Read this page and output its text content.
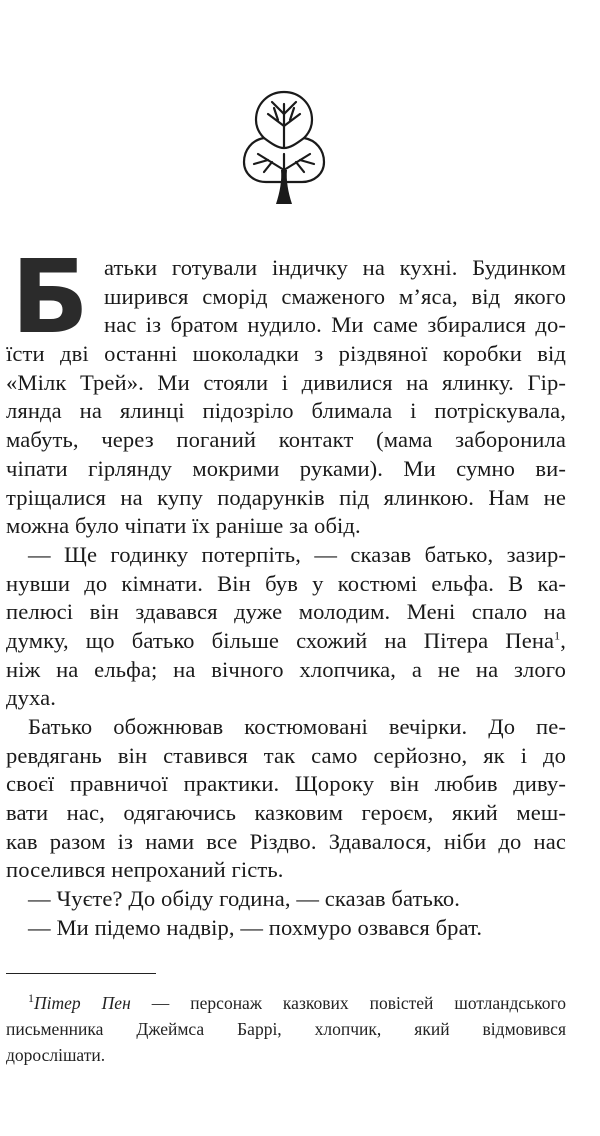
Б атьки готували індичку на кухні. Будинком
ширився сморід смаженого м’яса, від якого
нас із братом нудило. Ми саме збиралися до-
їсти дві останні шоколадки з різдвяної коробки від
«Мілк Трей». Ми стояли і дивилися на ялинку. Гір-
лянда на ялинці підозріло блимала і потріскувала,
мабуть, через поганий контакт (мама заборонила
чіпати гірлянду мокрими руками). Ми сумно ви-
тріщалися на купу подарунків під ялинкою. Нам не
можна було чіпати їх раніше за обід.
— Ще годинку потерпіть, — сказав батько, зазир-
нувши до кімнати. Він був у костюмі ельфа. В ка-
пелюсі він здавався дуже молодим. Мені спало на
думку, що батько більше схожий на Пітера Пена$^1$,
ніж на ельфа; на вічного хлопчика, а не на злого
духа.
Батько обожнював костюмовані вечірки. До пе-
ревдягань він ставився так само серйозно, як і до
своєї правничої практики. Щороку він любив диву-
вати нас, одягаючись казковим героєм, який меш-
кав разом із нами все Різдво. Здавалося, ніби до нас
поселився непроханий гість.
— Чуєте? До обіду година, — сказав батько.
— Ми підемо надвір, — похмуро озвався брат.
$^1$Пітер Пен — персонаж казкових повістей шотландського
письменника Джеймса Баррі, хлопчик, який відмовився
дорослішати.
